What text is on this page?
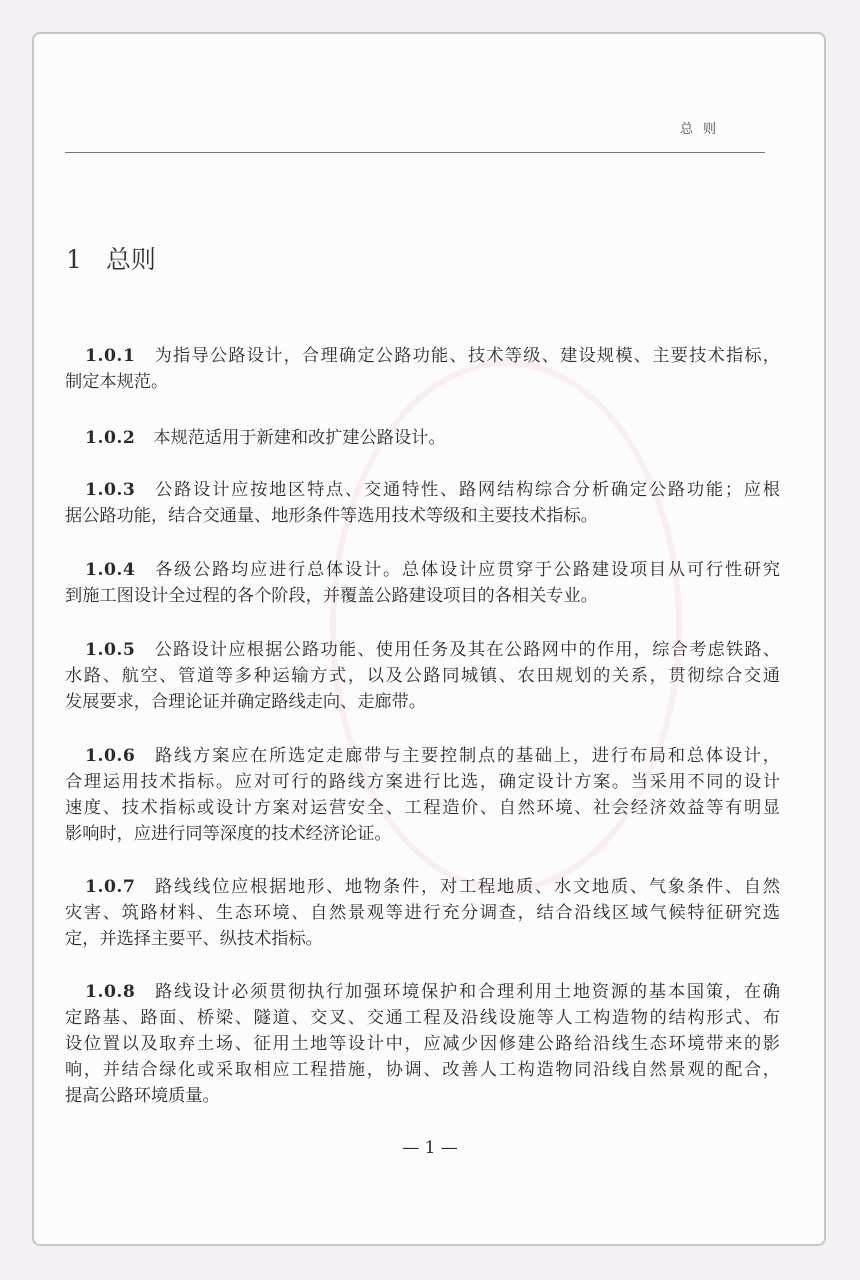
总则
1 总则
1.0.1 为指导公路设计，合理确定公路功能、技术等级、建设规模、主要技术指标，
制定本规范。
1.0.2 本规范适用于新建和改扩建公路设计。
1.0.3 公路设计应按地区特点、交通特性、路网结构综合分析确定公路功能；应根
据公路功能，结合交通量、地形条件等选用技术等级和主要技术指标。
1.0.4 各级公路均应进行总体设计。总体设计应贯穿于公路建设项目从可行性研究
到施工图设计全过程的各个阶段，并覆盖公路建设项目的各相关专业。
1.0.5 公路设计应根据公路功能、使用任务及其在公路网中的作用，综合考虑铁路、
水路、航空、管道等多种运输方式，以及公路同城镇、农田规划的关系，贯彻综合交通
发展要求，合理论证并确定路线走向、走廊带。
1.0.6 路线方案应在所选定走廊带与主要控制点的基础上，进行布局和总体设计，
合理运用技术指标。应对可行的路线方案进行比选，确定设计方案。当采用不同的设计
速度、技术指标或设计方案对运营安全、工程造价、自然环境、社会经济效益等有明显
影响时，应进行同等深度的技术经济论证。
1.0.7 路线线位应根据地形、地物条件，对工程地质、水文地质、气象条件、自然
灾害、筑路材料、生态环境、自然景观等进行充分调查，结合沿线区域气候特征研究选
定，并选择主要平、纵技术指标。
1.0.8 路线设计必须贯彻执行加强环境保护和合理利用土地资源的基本国策，在确
定路基、路面、桥梁、隧道、交叉、交通工程及沿线设施等人工构造物的结构形式、布
设位置以及取弃土场、征用土地等设计中，应减少因修建公路给沿线生态环境带来的影
响，并结合绿化或采取相应工程措施，协调、改善人工构造物同沿线自然景观的配合，
提高公路环境质量。
— 1 —
